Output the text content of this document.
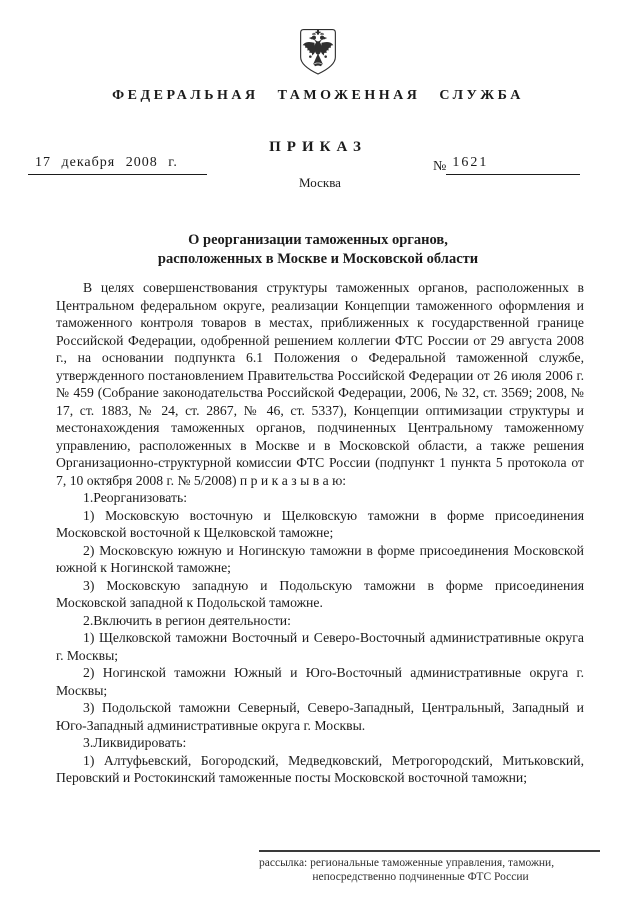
ФЕДЕРАЛЬНАЯ ТАМОЖЕННАЯ СЛУЖБА
ПРИКАЗ
17 декабря 2008 г.	№ 1621
Москва
О реорганизации таможенных органов,
расположенных в Москве и Московской области

В целях совершенствования структуры таможенных органов, расположенных в Центральном федеральном округе, реализации Концепции таможенного оформления и таможенного контроля товаров в местах, приближенных к государственной границе Российской Федерации, одобренной решением коллегии ФТС России от 29 августа 2008 г., на основании подпункта 6.1 Положения о Федеральной таможенной службе, утвержденного постановлением Правительства Российской Федерации от 26 июля 2006 г. № 459 (Собрание законодательства Российской Федерации, 2006, № 32, ст. 3569; 2008, № 17, ст. 1883, № 24, ст. 2867, № 46, ст. 5337), Концепции оптимизации структуры и местонахождения таможенных органов, подчиненных Центральному таможенному управлению, расположенных в Москве и в Московской области, а также решения Организационно-структурной комиссии ФТС России (подпункт 1 пункта 5 протокола от 7, 10 октября 2008 г. № 5/2008) п р и к а з ы в а ю:

1.Реорганизовать:

1) Московскую восточную и Щелковскую таможни в форме присоединения Московской восточной к Щелковской таможне;

2) Московскую южную и Ногинскую таможни в форме присоединения Московской южной к Ногинской таможне;

3) Московскую западную и Подольскую таможни в форме присоединения Московской западной к Подольской таможне.

2.Включить в регион деятельности:

1) Щелковской таможни Восточный и Северо-Восточный административные округа г. Москвы;

2) Ногинской таможни Южный и Юго-Восточный административные округа г. Москвы;

3) Подольской таможни Северный, Северо-Западный, Центральный, Западный и Юго-Западный административные округа г. Москвы.

3.Ликвидировать:

1) Алтуфьевский, Богородский, Медведковский, Метрогородский, Митьковский, Перовский и Ростокинский таможенные посты Московской восточной таможни;

рассылка: региональные таможенные управления, таможни,
непосредственно подчиненные ФТС России
